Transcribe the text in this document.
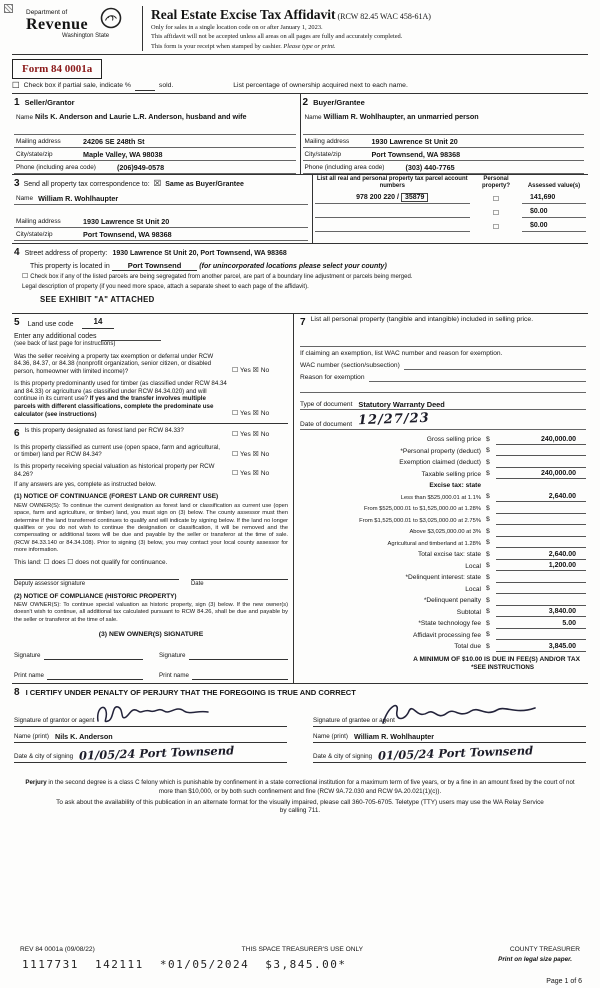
Department of
Revenue
Washington State
Real Estate Excise Tax Affidavit (RCW 82.45 WAC 458-61A)
Only for sales in a single location code on or after January 1, 2023.
This affidavit will not be accepted unless all areas on all pages are fully and accurately completed.
This form is your receipt when stamped by cashier. Please type or print.
Form 84 0001a
☐ Check box if partial sale, indicate %	sold.	List percentage of ownership acquired next to each name.
1 Seller/Grantor
Name Nils K. Anderson and Laurie L.R. Anderson, husband and wife
Mailing address	24206 SE 248th St
City/state/zip	Maple Valley, WA 98038
Phone (including area code)	(206)949-0578
2 Buyer/Grantee
Name William R. Wohlhaupter, an unmarried person
Mailing address	1930 Lawrence St Unit 20
City/state/zip	Port Townsend, WA 98368
Phone (including area code)	(303) 440-7765
3 Send all property tax correspondence to: ☒ Same as Buyer/Grantee
Name William R. Wohlhaupter
Mailing address	1930 Lawrence St Unit 20
City/state/zip	Port Townsend, WA 98368
List all real and personal property tax parcel account numbers
Personal property?	Assessed value(s)
978 200 220 / 35879	☐	141,690
☐	$0.00
☐	$0.00
4 Street address of property: 1930 Lawrence St Unit 20, Port Townsend, WA 98368
This property is located in Port Townsend	(for unincorporated locations please select your county)
☐ Check box if any of the listed parcels are being segregated from another parcel, are part of a boundary line adjustment or parcels being merged.
Legal description of property (if you need more space, attach a separate sheet to each page of the affidavit).
SEE EXHIBIT "A" ATTACHED
5 Land use code	14
Enter any additional codes
(see back of last page for instructions)
Was the seller receiving a property tax exemption or deferral under RCW 84.36, 84.37, or 84.38 (nonprofit organization, senior citizen, or disabled person, homeowner with limited income)?	☐ Yes ☒ No
Is this property predominantly used for timber (as classified under RCW 84.34 and 84.33) or agriculture (as classified under RCW 84.34.020) and will continue in its current use? If yes and the transfer involves multiple parcels with different classifications, complete the predominate use calculator (see instructions)	☐ Yes ☒ No
6 Is this property designated as forest land per RCW 84.33?	☐ Yes ☒ No
Is this property classified as current use (open space, farm and agricultural, or timber) land per RCW 84.34?	☐ Yes ☒ No
Is this property receiving special valuation as historical property per RCW 84.26?	☐ Yes ☒ No
If any answers are yes, complete as instructed below.
(1) NOTICE OF CONTINUANCE (FOREST LAND OR CURRENT USE)
NEW OWNER(S): To continue the current designation as forest land or classification as current use (open space, farm and agriculture, or timber) land, you must sign on (3) below. The county assessor must then determine if the land transferred continues to qualify and will indicate by signing below. If the land no longer qualifies or you do not wish to continue the designation or classification, it will be removed and the compensating or additional taxes will be due and payable by the seller or transferor at the time of sale. (RCW 84.33.140 or 84.34.108). Prior to signing (3) below, you may contact your local county assessor for more information.
This land: ☐ does ☐ does not qualify for continuance.
Deputy assessor signature	Date
(2) NOTICE OF COMPLIANCE (HISTORIC PROPERTY)
NEW OWNER(S): To continue special valuation as historic property, sign (3) below. If the new owner(s) doesn't wish to continue, all additional tax calculated pursuant to RCW 84.26, shall be due and payable by the seller or transferor at the time of sale.
(3) NEW OWNER(S) SIGNATURE
Signature	Signature
Print name	Print name
7 List all personal property (tangible and intangible) included in selling price.
If claiming an exemption, list WAC number and reason for exemption.
WAC number (section/subsection)
Reason for exemption
Type of document Statutory Warranty Deed
Date of document 12/27/23
Gross selling price $	240,000.00
*Personal property (deduct) $
Exemption claimed (deduct) $
Taxable selling price $	240,000.00
Excise tax: state
Less than $525,000.01 at 1.1% $	2,640.00
From $525,000.01 to $1,525,000.00 at 1.28% $
From $1,525,000.01 to $3,025,000.00 at 2.75% $
Above $3,025,000.00 at 3% $
Agricultural and timberland at 1.28% $
Total excise tax: state $	2,640.00
Local $	1,200.00
*Delinquent interest: state $
Local $
*Delinquent penalty $
Subtotal $	3,840.00
*State technology fee $	5.00
Affidavit processing fee $
Total due $	3,845.00
A MINIMUM OF $10.00 IS DUE IN FEE(S) AND/OR TAX
*SEE INSTRUCTIONS
8 I CERTIFY UNDER PENALTY OF PERJURY THAT THE FOREGOING IS TRUE AND CORRECT
Signature of grantor or agent
Name (print) Nils K. Anderson
Date & city of signing 01/05/24 Port Townsend
Signature of grantee or agent
Name (print) William R. Wohlhaupter
Date & city of signing 01/05/24 Port Townsend
Perjury in the second degree is a class C felony which is punishable by confinement in a state correctional institution for a maximum term of five years, or by a fine in an amount fixed by the court of not more than $10,000, or by both such confinement and fine (RCW 9A.72.030 and RCW 9A.20.021(1)(c)).
To ask about the availability of this publication in an alternate format for the visually impaired, please call 360-705-6705. Teletype (TTY) users may use the WA Relay Service by calling 711.
REV 84 0001a (09/08/22)	THIS SPACE TREASURER'S USE ONLY	COUNTY TREASURER
1117731 142111 *01/05/2024 $3,845.00*	Print on legal size paper.
Page 1 of 6
